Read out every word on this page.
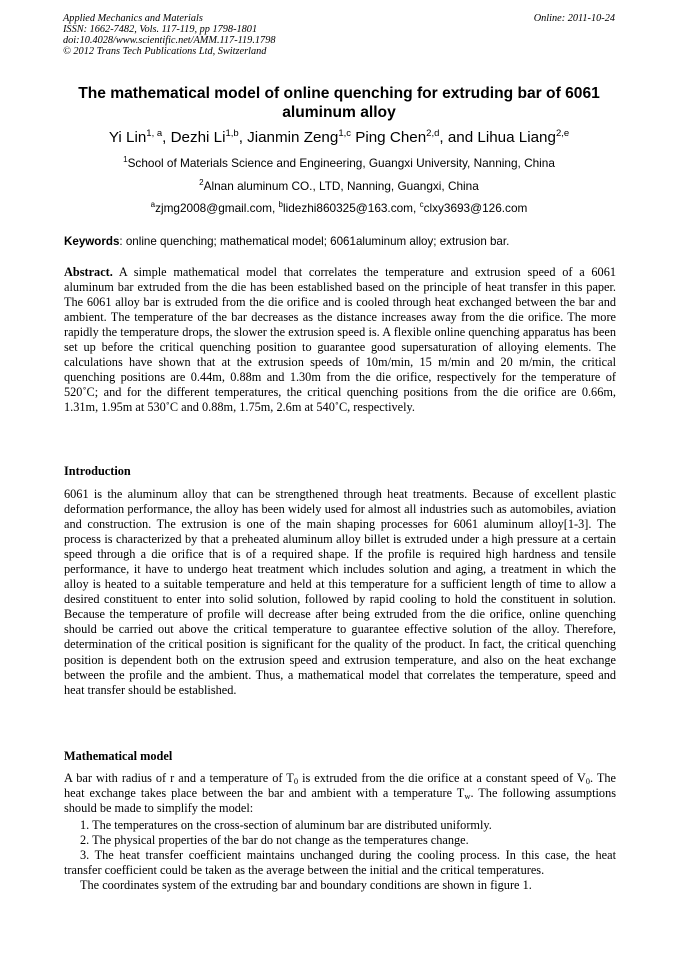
Applied Mechanics and Materials
ISSN: 1662-7482, Vols. 117-119, pp 1798-1801
doi:10.4028/www.scientific.net/AMM.117-119.1798
© 2012 Trans Tech Publications Ltd, Switzerland
Online: 2011-10-24
The mathematical model of online quenching for extruding bar of 6061 aluminum alloy
Yi Lin$^{1, a}$, Dezhi Li$^{1,b}$, Jianmin Zeng$^{1,c}$ Ping Chen$^{2,d}$, and Lihua Liang$^{2,e}$
$^1$School of Materials Science and Engineering, Guangxi University, Nanning, China
$^2$Alnan aluminum CO., LTD, Nanning, Guangxi, China
$^a$zjmg2008@gmail.com, $^b$lidezhi860325@163.com, $^c$clxy3693@126.com
Keywords: online quenching; mathematical model; 6061aluminum alloy; extrusion bar.
Abstract. A simple mathematical model that correlates the temperature and extrusion speed of a 6061 aluminum bar extruded from the die has been established based on the principle of heat transfer in this paper. The 6061 alloy bar is extruded from the die orifice and is cooled through heat exchanged between the bar and ambient. The temperature of the bar decreases as the distance increases away from the die orifice. The more rapidly the temperature drops, the slower the extrusion speed is. A flexible online quenching apparatus has been set up before the critical quenching position to guarantee good supersaturation of alloying elements. The calculations have shown that at the extrusion speeds of 10m/min, 15 m/min and 20 m/min, the critical quenching positions are 0.44m, 0.88m and 1.30m from the die orifice, respectively for the temperature of 520˚C; and for the different temperatures, the critical quenching positions from the die orifice are 0.66m, 1.31m, 1.95m at 530˚C and 0.88m, 1.75m, 2.6m at 540˚C, respectively.
Introduction
6061 is the aluminum alloy that can be strengthened through heat treatments. Because of excellent plastic deformation performance, the alloy has been widely used for almost all industries such as automobiles, aviation and construction. The extrusion is one of the main shaping processes for 6061 aluminum alloy[1-3]. The process is characterized by that a preheated aluminum alloy billet is extruded under a high pressure at a certain speed through a die orifice that is of a required shape. If the profile is required high hardness and tensile performance, it have to undergo heat treatment which includes solution and aging, a treatment in which the alloy is heated to a suitable temperature and held at this temperature for a sufficient length of time to allow a desired constituent to enter into solid solution, followed by rapid cooling to hold the constituent in solution. Because the temperature of profile will decrease after being extruded from the die orifice, online quenching should be carried out above the critical temperature to guarantee effective solution of the alloy. Therefore, determination of the critical position is significant for the quality of the product. In fact, the critical quenching position is dependent both on the extrusion speed and extrusion temperature, and also on the heat exchange between the profile and the ambient. Thus, a mathematical model that correlates the temperature, speed and heat transfer should be established.
Mathematical model
A bar with radius of r and a temperature of $T_0$ is extruded from the die orifice at a constant speed of $V_0$. The heat exchange takes place between the bar and ambient with a temperature $T_w$. The following assumptions should be made to simplify the model:

1. The temperatures on the cross-section of aluminum bar are distributed uniformly.

2. The physical properties of the bar do not change as the temperatures change.

3. The heat transfer coefficient maintains unchanged during the cooling process. In this case, the heat transfer coefficient could be taken as the average between the initial and the critical temperatures.

The coordinates system of the extruding bar and boundary conditions are shown in figure 1.
